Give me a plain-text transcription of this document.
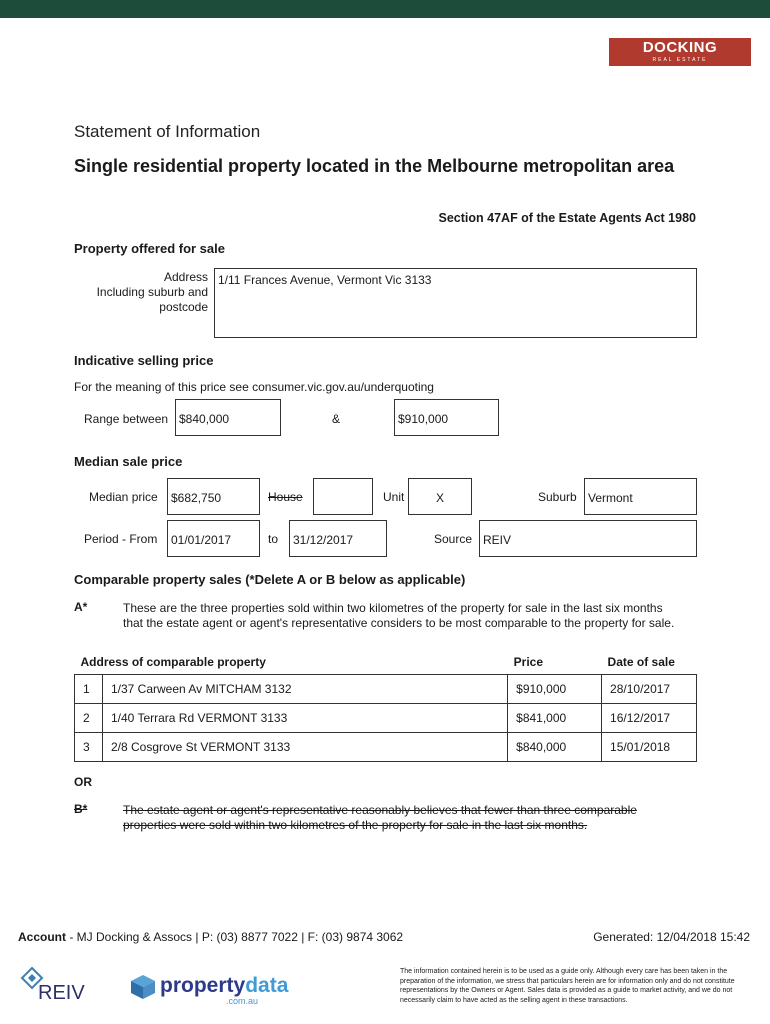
DOCKING
REAL ESTATE
Statement of Information
Single residential property located in the Melbourne metropolitan area
Section 47AF of the Estate Agents Act 1980
Property offered for sale
Address
Including suburb and
postcode
1/11 Frances Avenue, Vermont Vic 3133
Indicative selling price
For the meaning of this price see consumer.vic.gov.au/underquoting
Range between $840,000	&	$910,000
Median sale price
Median price	$682,750	House	Unit	X	Suburb Vermont
Period - From	01/01/2017	to	31/12/2017	Source REIV
Comparable property sales (*Delete A or B below as applicable)
A*	These are the three properties sold within two kilometres of the property for sale in the last six months that the estate agent or agent's representative considers to be most comparable to the property for sale.
Address of comparable property		Price	Date of sale
1	1/37 Carween Av MITCHAM 3132	$910,000	28/10/2017
2	1/40 Terrara Rd VERMONT 3133	$841,000	16/12/2017
3	2/8 Cosgrove St VERMONT 3133	$840,000	15/01/2018
OR
B*	The estate agent or agent's representative reasonably believes that fewer than three comparable properties were sold within two kilometres of the property for sale in the last six months.
Account - MJ Docking & Assocs | P: (03) 8877 7022 | F: (03) 9874 3062	Generated: 12/04/2018 15:42
REIV	propertydata
.com.au
The information contained herein is to be used as a guide only. Although every care has been taken in the preparation of the information, we stress that particulars herein are for information only and do not constitute representations by the Owners or Agent. Sales data is provided as a guide to market activity, and we do not necessarily claim to have acted as the selling agent in these transactions.
